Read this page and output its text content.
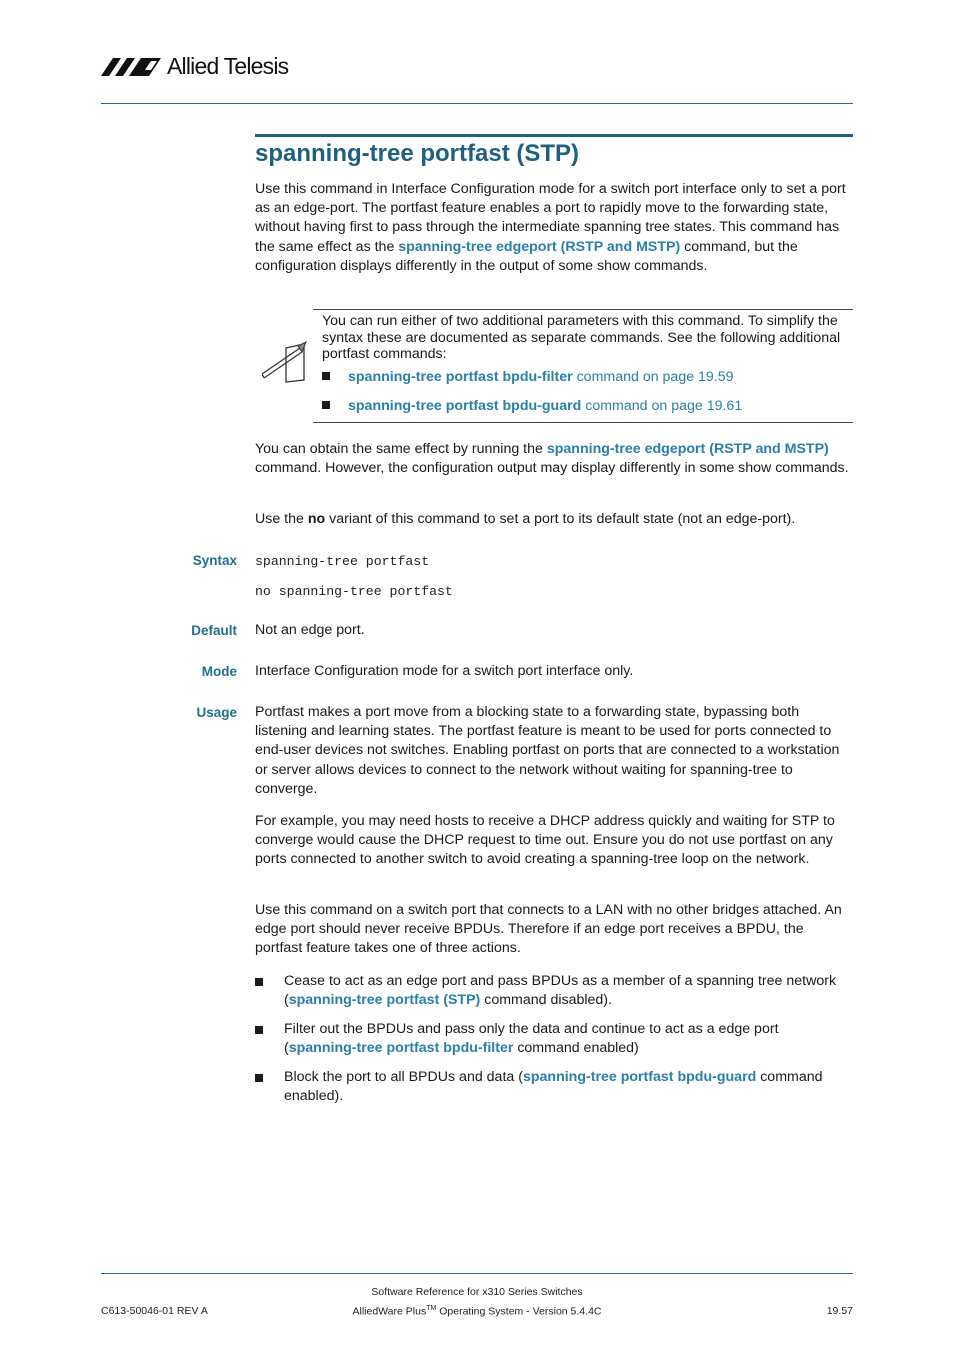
Allied Telesis
spanning-tree portfast (STP)

Use this command in Interface Configuration mode for a switch port interface only to set a port as an edge-port. The portfast feature enables a port to rapidly move to the forwarding state, without having first to pass through the intermediate spanning tree states. This command has the same effect as the spanning-tree edgeport (RSTP and MSTP) command, but the configuration displays differently in the output of some show commands.

You can run either of two additional parameters with this command. To simplify the syntax these are documented as separate commands. See the following additional portfast commands:

spanning-tree portfast bpdu-filter command on page 19.59
spanning-tree portfast bpdu-guard command on page 19.61

You can obtain the same effect by running the spanning-tree edgeport (RSTP and MSTP) command. However, the configuration output may display differently in some show commands.

Use the no variant of this command to set a port to its default state (not an edge-port).

Syntax spanning-tree portfast
no spanning-tree portfast
Default Not an edge port.

Mode Interface Configuration mode for a switch port interface only.

Usage Portfast makes a port move from a blocking state to a forwarding state, bypassing both listening and learning states. The portfast feature is meant to be used for ports connected to end-user devices not switches. Enabling portfast on ports that are connected to a workstation or server allows devices to connect to the network without waiting for spanning-tree to converge.

For example, you may need hosts to receive a DHCP address quickly and waiting for STP to converge would cause the DHCP request to time out. Ensure you do not use portfast on any ports connected to another switch to avoid creating a spanning-tree loop on the network.

Use this command on a switch port that connects to a LAN with no other bridges attached. An edge port should never receive BPDUs. Therefore if an edge port receives a BPDU, the portfast feature takes one of three actions.

Cease to act as an edge port and pass BPDUs as a member of a spanning tree network (spanning-tree portfast (STP) command disabled).
Filter out the BPDUs and pass only the data and continue to act as a edge port (spanning-tree portfast bpdu-filter command enabled)
Block the port to all BPDUs and data (spanning-tree portfast bpdu-guard command enabled).
C613-50046-01 REV A
Software Reference for x310 Series Switches
AlliedWare Plus™ Operating System - Version 5.4.4C	19.57
